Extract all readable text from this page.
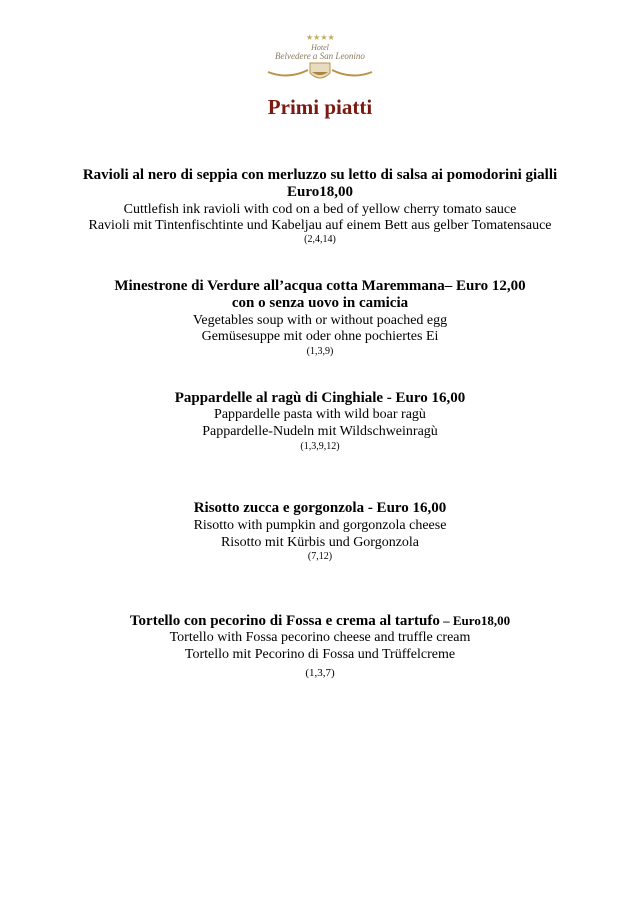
★★★★
Hotel
Belvedere a San Leonino
Primi piatti
Ravioli al nero di seppia con merluzzo su letto di salsa ai pomodorini gialli
Euro18,00
Cuttlefish ink ravioli with cod on a bed of yellow cherry tomato sauce
Ravioli mit Tintenfischtinte und Kabeljau auf einem Bett aus gelber Tomatensauce
(2,4,14)
Minestrone di Verdure all’acqua cotta Maremmana– Euro 12,00
con o senza uovo in camicia
Vegetables soup with or without poached egg
Gemüsesuppe mit oder ohne pochiertes Ei
(1,3,9)
Pappardelle al ragù di Cinghiale - Euro 16,00
Pappardelle pasta with wild boar ragù
Pappardelle-Nudeln mit Wildschweinragù
(1,3,9,12)
Risotto zucca e gorgonzola - Euro 16,00
Risotto with pumpkin and gorgonzola cheese
Risotto mit Kürbis und Gorgonzola
(7,12)
Tortello con pecorino di Fossa e crema al tartufo – Euro18,00
Tortello with Fossa pecorino cheese and truffle cream
Tortello mit Pecorino di Fossa und Trüffelcreme
(1,3,7)
